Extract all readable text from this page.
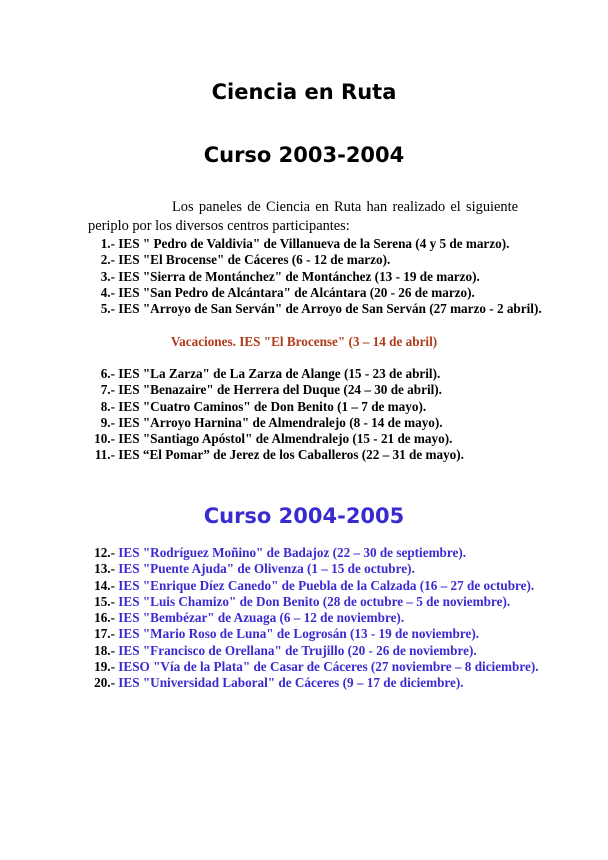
Ciencia en Ruta
Curso 2003-2004

Los paneles de Ciencia en Ruta han realizado el siguiente periplo por los diversos centros participantes:

1.- IES " Pedro de Valdivia" de Villanueva de la Serena (4 y 5 de marzo).
2.- IES "El Brocense" de Cáceres (6 - 12 de marzo).
3.- IES "Sierra de Montánchez" de Montánchez (13 - 19 de marzo).
4.- IES "San Pedro de Alcántara" de Alcántara (20 - 26 de marzo).
5.- IES "Arroyo de San Serván" de Arroyo de San Serván (27 marzo - 2 abril).
Vacaciones. IES "El Brocense" (3 – 14 de abril)
6.- IES "La Zarza" de La Zarza de Alange (15 - 23 de abril).
7.- IES "Benazaire" de Herrera del Duque (24 – 30 de abril).
8.- IES "Cuatro Caminos" de Don Benito (1 – 7 de mayo).
9.- IES "Arroyo Harnina" de Almendralejo (8 - 14 de mayo).
10.- IES "Santiago Apóstol" de Almendralejo (15 - 21 de mayo).
11.- IES “El Pomar” de Jerez de los Caballeros (22 – 31 de mayo).
Curso 2004-2005
12.- IES "Rodríguez Moñino" de Badajoz (22 – 30 de septiembre).
13.- IES "Puente Ajuda" de Olivenza (1 – 15 de octubre).
14.- IES "Enrique Díez Canedo" de Puebla de la Calzada (16 – 27 de octubre).
15.- IES "Luis Chamizo" de Don Benito (28 de octubre – 5 de noviembre).
16.- IES "Bembézar" de Azuaga (6 – 12 de noviembre).
17.- IES "Mario Roso de Luna" de Logrosán (13 - 19 de noviembre).
18.- IES "Francisco de Orellana" de Trujillo (20 - 26 de noviembre).
19.- IESO "Vía de la Plata" de Casar de Cáceres (27 noviembre – 8 diciembre).
20.- IES "Universidad Laboral" de Cáceres (9 – 17 de diciembre).
